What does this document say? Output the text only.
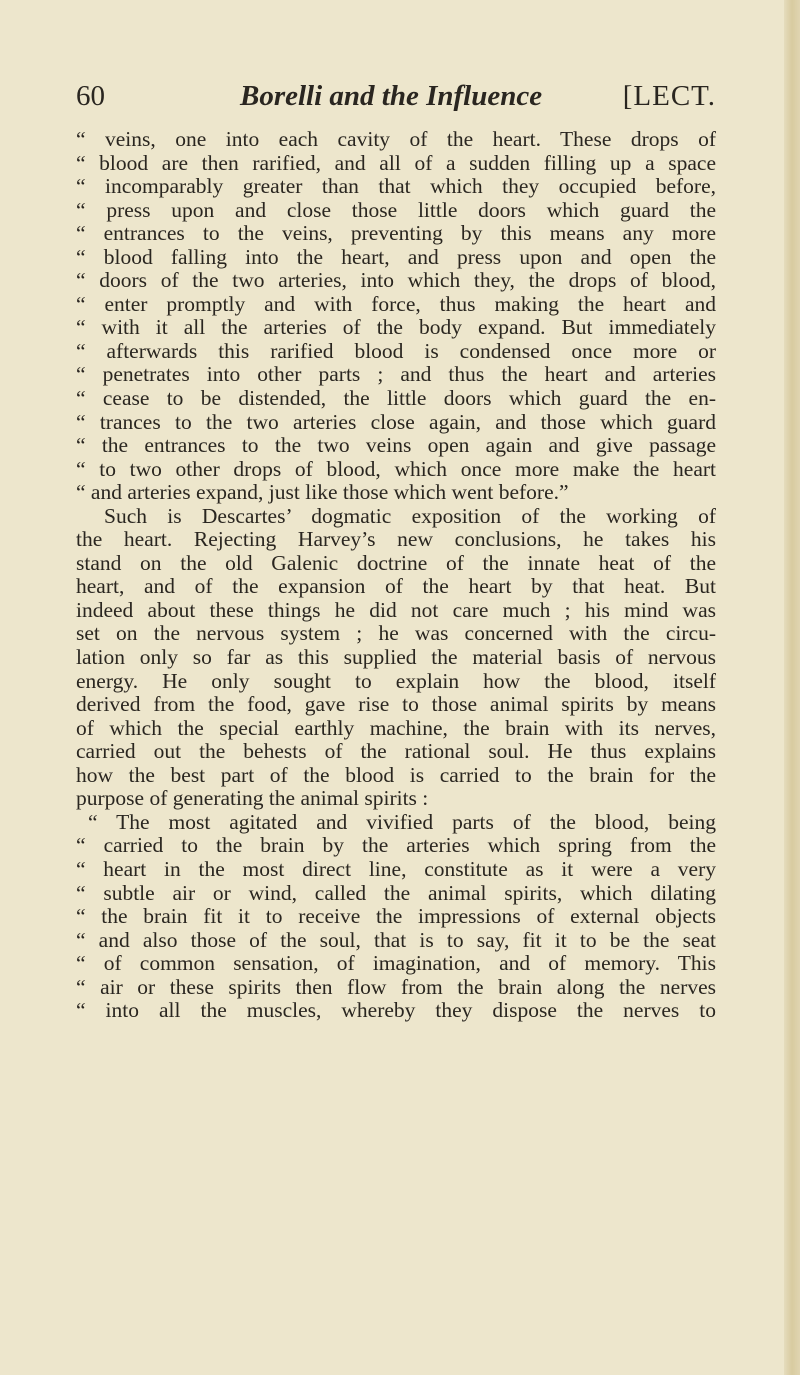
60	Borelli and the Influence	[LECT.
“ veins, one into each cavity of the heart. These drops of
“ blood are then rarified, and all of a sudden filling up a space
“ incomparably greater than that which they occupied before,
“ press upon and close those little doors which guard the
“ entrances to the veins, preventing by this means any more
“ blood falling into the heart, and press upon and open the
“ doors of the two arteries, into which they, the drops of blood,
“ enter promptly and with force, thus making the heart and
“ with it all the arteries of the body expand. But immediately
“ afterwards this rarified blood is condensed once more or
“ penetrates into other parts ; and thus the heart and arteries
“ cease to be distended, the little doors which guard the en-
“ trances to the two arteries close again, and those which guard
“ the entrances to the two veins open again and give passage
“ to two other drops of blood, which once more make the heart
“ and arteries expand, just like those which went before.”
Such is Descartes’ dogmatic exposition of the working of
the heart. Rejecting Harvey’s new conclusions, he takes his
stand on the old Galenic doctrine of the innate heat of the
heart, and of the expansion of the heart by that heat. But
indeed about these things he did not care much ; his mind was
set on the nervous system ; he was concerned with the circu-
lation only so far as this supplied the material basis of nervous
energy. He only sought to explain how the blood, itself
derived from the food, gave rise to those animal spirits by means
of which the special earthly machine, the brain with its nerves,
carried out the behests of the rational soul. He thus explains
how the best part of the blood is carried to the brain for the
purpose of generating the animal spirits :
“ The most agitated and vivified parts of the blood, being
“ carried to the brain by the arteries which spring from the
“ heart in the most direct line, constitute as it were a very
“ subtle air or wind, called the animal spirits, which dilating
“ the brain fit it to receive the impressions of external objects
“ and also those of the soul, that is to say, fit it to be the seat
“ of common sensation, of imagination, and of memory. This
“ air or these spirits then flow from the brain along the nerves
“ into all the muscles, whereby they dispose the nerves to
